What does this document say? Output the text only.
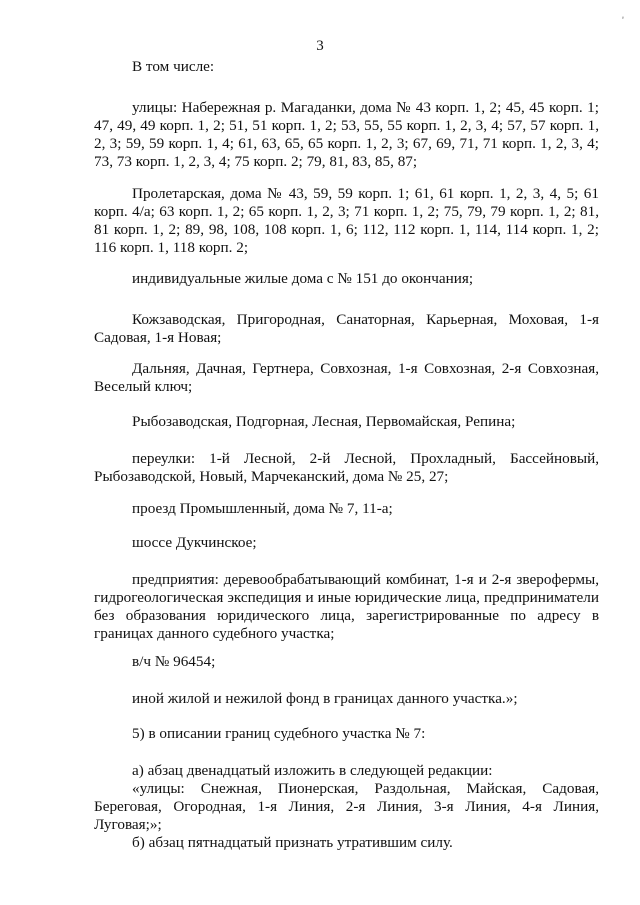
ᵉ
3

В том числе:

улицы: Набережная р. Магаданки, дома № 43 корп. 1, 2; 45, 45 корп. 1; 47, 49, 49 корп. 1, 2; 51, 51 корп. 1, 2; 53, 55, 55 корп. 1, 2, 3, 4; 57, 57 корп. 1, 2, 3; 59, 59 корп. 1, 4; 61, 63, 65, 65 корп. 1, 2, 3; 67, 69, 71, 71 корп. 1, 2, 3, 4; 73, 73 корп. 1, 2, 3, 4; 75 корп. 2; 79, 81, 83, 85, 87;

Пролетарская, дома № 43, 59, 59 корп. 1; 61, 61 корп. 1, 2, 3, 4, 5; 61 корп. 4/а; 63 корп. 1, 2; 65 корп. 1, 2, 3; 71 корп. 1, 2; 75, 79, 79 корп. 1, 2; 81, 81 корп. 1, 2; 89, 98, 108, 108 корп. 1, 6; 112, 112 корп. 1, 114, 114 корп. 1, 2; 116 корп. 1, 118 корп. 2;

индивидуальные жилые дома с № 151 до окончания;

Кожзаводская, Пригородная, Санаторная, Карьерная, Моховая, 1-я Садовая, 1-я Новая;

Дальняя, Дачная, Гертнера, Совхозная, 1-я Совхозная, 2-я Совхозная, Веселый ключ;

Рыбозаводская, Подгорная, Лесная, Первомайская, Репина;

переулки: 1-й Лесной, 2-й Лесной, Прохладный, Бассейновый, Рыбозаводской, Новый, Марчеканский, дома № 25, 27;

проезд Промышленный, дома № 7, 11-а;

шоссе Дукчинское;

предприятия: деревообрабатывающий комбинат, 1-я и 2-я зверофермы, гидрогеологическая экспедиция и иные юридические лица, предприниматели без образования юридического лица, зарегистрированные по адресу в границах данного судебного участка;

в/ч № 96454;

иной жилой и нежилой фонд в границах данного участка.»;

5) в описании границ судебного участка № 7:

а) абзац двенадцатый изложить в следующей редакции:

«улицы: Снежная, Пионерская, Раздольная, Майская, Садовая, Береговая, Огородная, 1-я Линия, 2-я Линия, 3-я Линия, 4-я Линия, Луговая;»;

б) абзац пятнадцатый признать утратившим силу.
